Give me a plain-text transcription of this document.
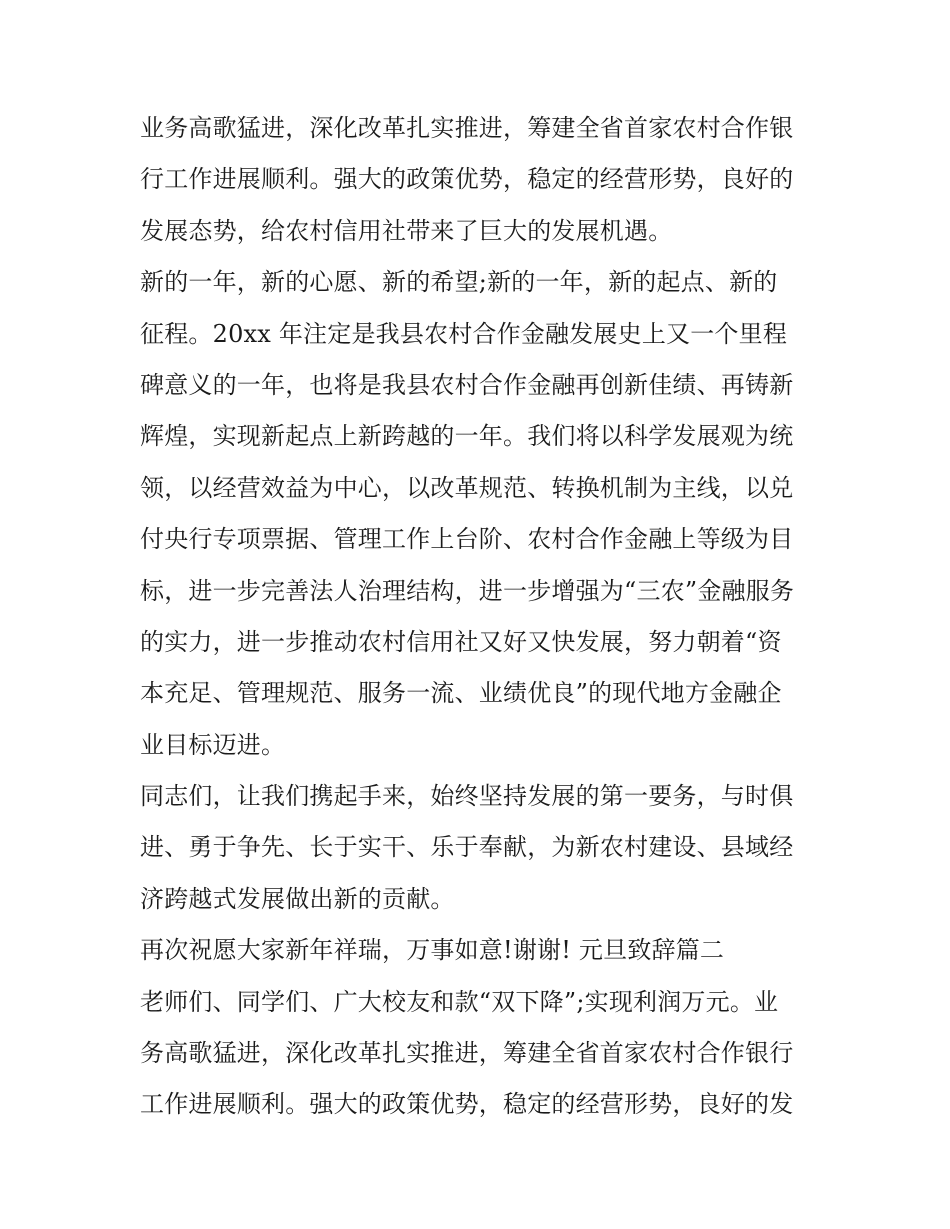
业务高歌猛进，深化改革扎实推进，筹建全省首家农村合作银
行工作进展顺利。强大的政策优势，稳定的经营形势，良好的
发展态势，给农村信用社带来了巨大的发展机遇。
新的一年，新的心愿、新的希望;新的一年，新的起点、新的
征程。20xx 年注定是我县农村合作金融发展史上又一个里程
碑意义的一年，也将是我县农村合作金融再创新佳绩、再铸新
辉煌，实现新起点上新跨越的一年。我们将以科学发展观为统
领，以经营效益为中心，以改革规范、转换机制为主线，以兑
付央行专项票据、管理工作上台阶、农村合作金融上等级为目
标，进一步完善法人治理结构，进一步增强为“三农”金融服务
的实力，进一步推动农村信用社又好又快发展，努力朝着“资
本充足、管理规范、服务一流、业绩优良”的现代地方金融企
业目标迈进。
同志们，让我们携起手来，始终坚持发展的第一要务，与时俱
进、勇于争先、长于实干、乐于奉献，为新农村建设、县域经
济跨越式发展做出新的贡献。
再次祝愿大家新年祥瑞，万事如意!谢谢! 元旦致辞篇二
老师们、同学们、广大校友和款“双下降”;实现利润万元。业
务高歌猛进，深化改革扎实推进，筹建全省首家农村合作银行
工作进展顺利。强大的政策优势，稳定的经营形势，良好的发
